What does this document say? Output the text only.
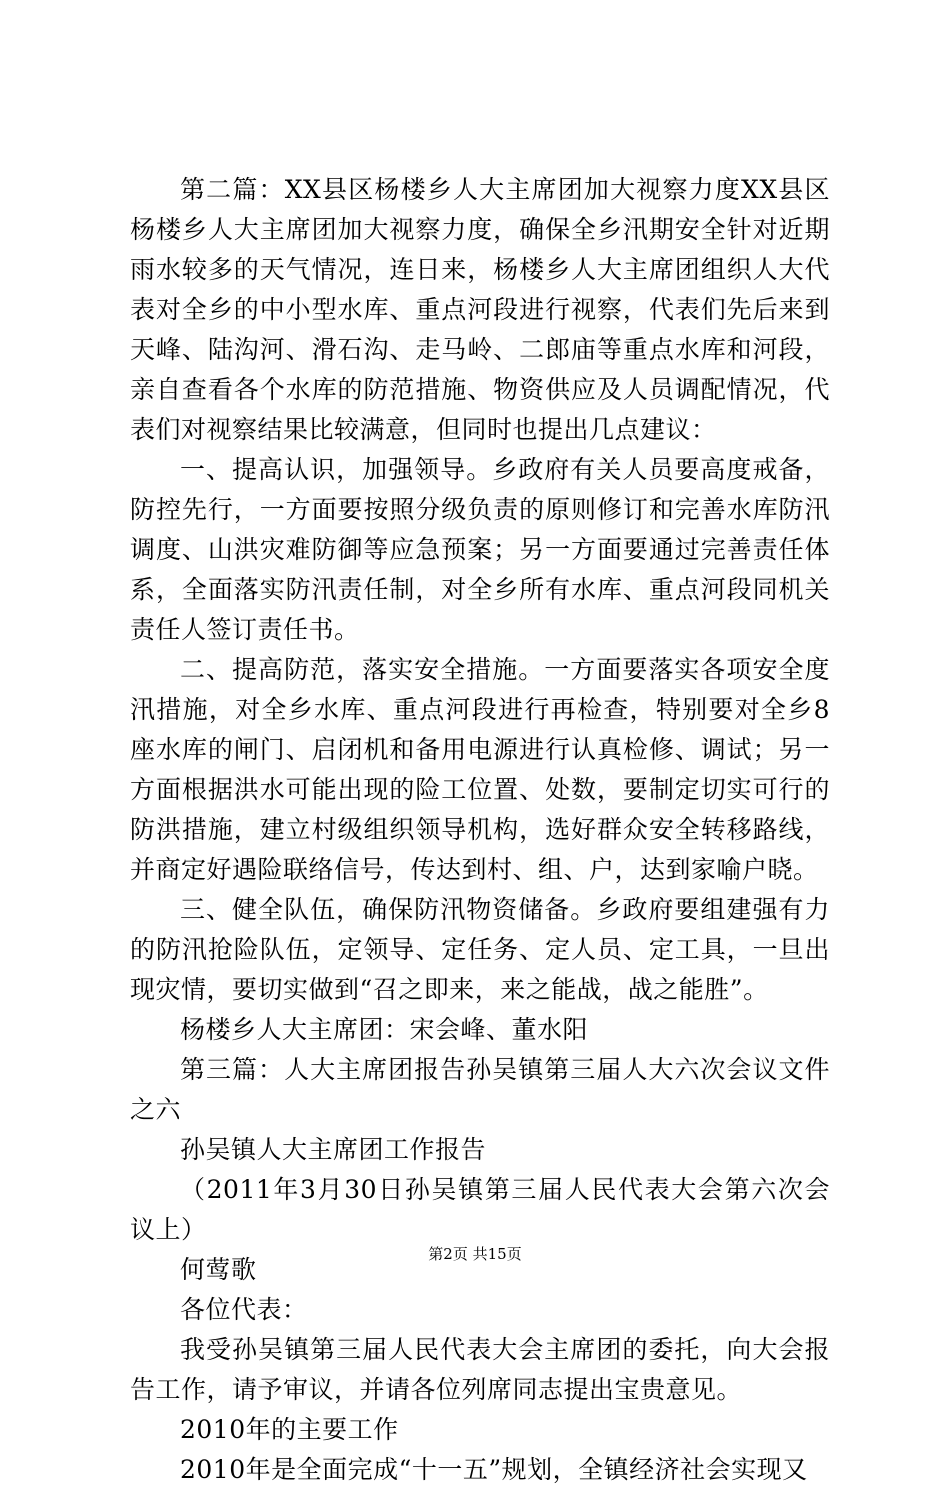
第二篇：XX县区杨楼乡人大主席团加大视察力度XX县区杨楼乡人大主席团加大视察力度，确保全乡汛期安全针对近期雨水较多的天气情况，连日来，杨楼乡人大主席团组织人大代表对全乡的中小型水库、重点河段进行视察，代表们先后来到天峰、陆沟河、滑石沟、走马岭、二郎庙等重点水库和河段，亲自查看各个水库的防范措施、物资供应及人员调配情况，代表们对视察结果比较满意，但同时也提出几点建议：

一、提高认识，加强领导。乡政府有关人员要高度戒备，防控先行，一方面要按照分级负责的原则修订和完善水库防汛调度、山洪灾难防御等应急预案；另一方面要通过完善责任体系，全面落实防汛责任制，对全乡所有水库、重点河段同机关责任人签订责任书。

二、提高防范，落实安全措施。一方面要落实各项安全度汛措施，对全乡水库、重点河段进行再检查，特别要对全乡8座水库的闸门、启闭机和备用电源进行认真检修、调试；另一方面根据洪水可能出现的险工位置、处数，要制定切实可行的防洪措施，建立村级组织领导机构，选好群众安全转移路线，并商定好遇险联络信号，传达到村、组、户，达到家喻户晓。

三、健全队伍，确保防汛物资储备。乡政府要组建强有力的防汛抢险队伍，定领导、定任务、定人员、定工具，一旦出现灾情，要切实做到“召之即来，来之能战，战之能胜”。

杨楼乡人大主席团：宋会峰、董水阳

第三篇：人大主席团报告孙吴镇第三届人大六次会议文件之六

孙吴镇人大主席团工作报告

（2011年3月30日孙吴镇第三届人民代表大会第六次会议上）

何莺歌

各位代表：

我受孙吴镇第三届人民代表大会主席团的委托，向大会报告工作，请予审议，并请各位列席同志提出宝贵意见。

2010年的主要工作

2010年是全面完成“十一五”规划，全镇经济社会实现又

第2页 共15页
